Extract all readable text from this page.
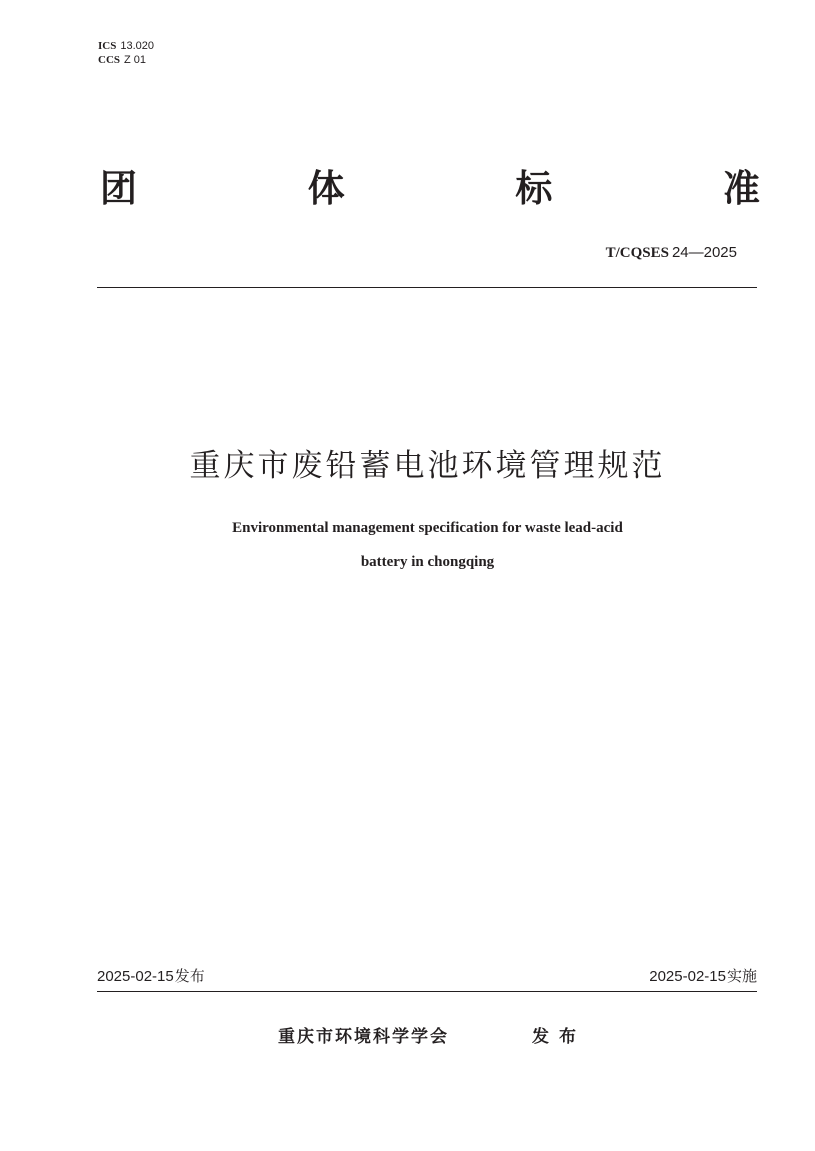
ICS 13.020
CCS Z 01
团	体	标	准
T/CQSES 24—2025
重庆市废铅蓄电池环境管理规范
Environmental management specification for waste lead-acid
battery in chongqing
2025-02-15发布	2025-02-15实施
重庆市环境科学学会	发布
